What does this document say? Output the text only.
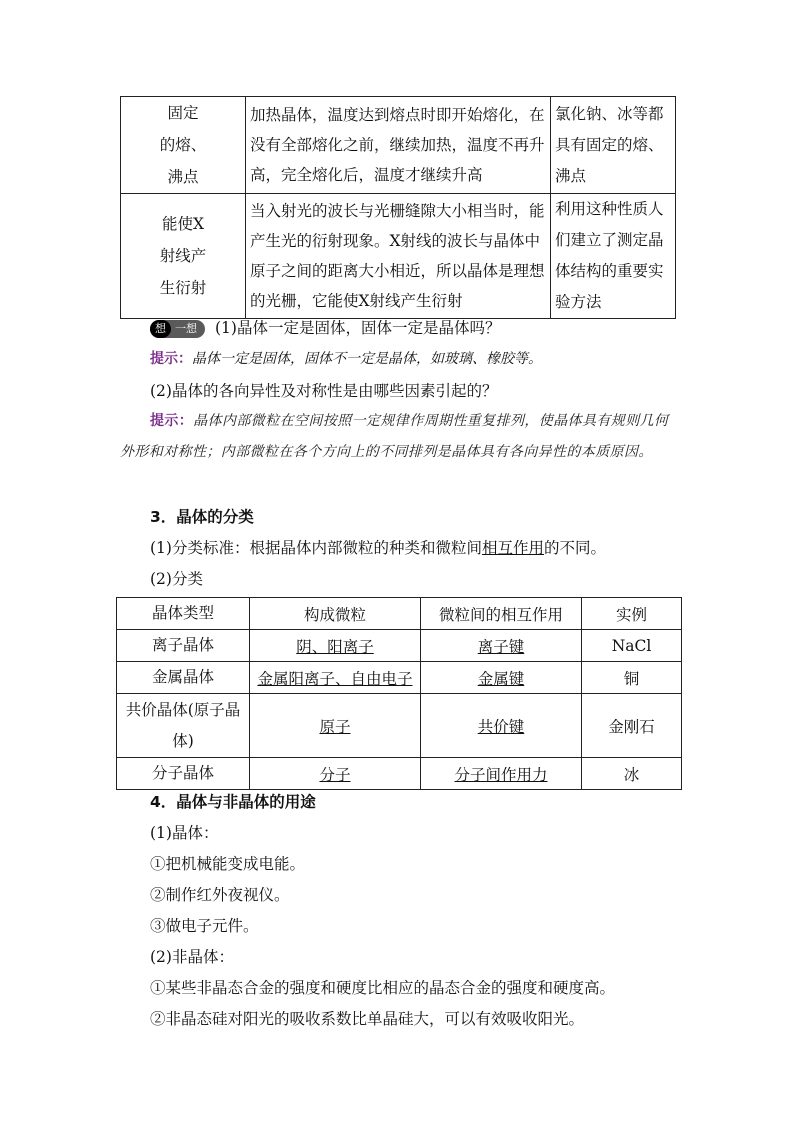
固定
的熔、
沸点	加热晶体，温度达到熔点时即开始熔化，在没有全部熔化之前，继续加热，温度不再升高，完全熔化后，温度才继续升高	氯化钠、冰等都具有固定的熔、沸点

能使X
射线产
生衍射	当入射光的波长与光栅缝隙大小相当时，能产生光的衍射现象。X射线的波长与晶体中原子之间的距离大小相近，所以晶体是理想的光栅，它能使X射线产生衍射	利用这种性质人们建立了测定晶体结构的重要实验方法
想 一想 (1)晶体一定是固体，固体一定是晶体吗？
提示：晶体一定是固体，固体不一定是晶体，如玻璃、橡胶等。
(2)晶体的各向异性及对称性是由哪些因素引起的？
提示：晶体内部微粒在空间按照一定规律作周期性重复排列，使晶体具有规则几何外形和对称性；内部微粒在各个方向上的不同排列是晶体具有各向异性的本质原因。
3．晶体的分类
(1)分类标准：根据晶体内部微粒的种类和微粒间相互作用的不同。
(2)分类
晶体类型	构成微粒	微粒间的相互作用	实例
离子晶体	阴、阳离子	离子键	NaCl
金属晶体	金属阳离子、自由电子	金属键	铜
共价晶体(原子晶体)	原子	共价键	金刚石
分子晶体	分子	分子间作用力	冰
4．晶体与非晶体的用途
(1)晶体：
①把机械能变成电能。
②制作红外夜视仪。
③做电子元件。
(2)非晶体：
①某些非晶态合金的强度和硬度比相应的晶态合金的强度和硬度高。
②非晶态硅对阳光的吸收系数比单晶硅大，可以有效吸收阳光。
